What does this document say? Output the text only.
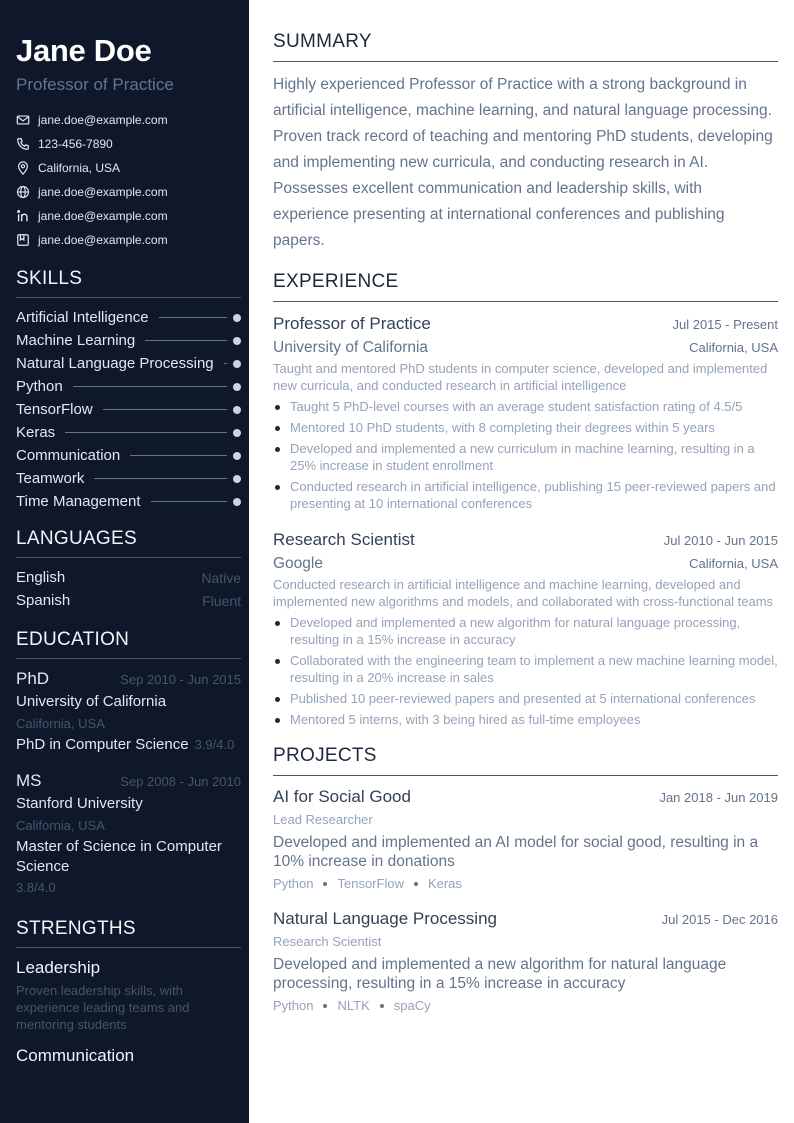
Jane Doe
Professor of Practice
jane.doe@example.com
123-456-7890
California, USA
jane.doe@example.com
jane.doe@example.com
jane.doe@example.com
SKILLS
Artificial Intelligence
Machine Learning
Natural Language Processing
Python
TensorFlow
Keras
Communication
Teamwork
Time Management
LANGUAGES
English	Native
Spanish	Fluent
EDUCATION
PhD	Sep 2010 - Jun 2015
University of California
California, USA
PhD in Computer Science 3.9/4.0
MS	Sep 2008 - Jun 2010
Stanford University
California, USA
Master of Science in Computer Science
3.8/4.0
STRENGTHS
Leadership
Proven leadership skills, with experience leading teams and mentoring students
Communication
SUMMARY

Highly experienced Professor of Practice with a strong background in artificial intelligence, machine learning, and natural language processing. Proven track record of teaching and mentoring PhD students, developing and implementing new curricula, and conducting research in AI. Possesses excellent communication and leadership skills, with experience presenting at international conferences and publishing papers.

EXPERIENCE
Professor of Practice	Jul 2015 - Present
University of California	California, USA
Taught and mentored PhD students in computer science, developed and implemented new curricula, and conducted research in artificial intelligence
Taught 5 PhD-level courses with an average student satisfaction rating of 4.5/5
Mentored 10 PhD students, with 8 completing their degrees within 5 years
Developed and implemented a new curriculum in machine learning, resulting in a 25% increase in student enrollment
Conducted research in artificial intelligence, publishing 15 peer-reviewed papers and presenting at 10 international conferences
Research Scientist	Jul 2010 - Jun 2015
Google	California, USA
Conducted research in artificial intelligence and machine learning, developed and implemented new algorithms and models, and collaborated with cross-functional teams
Developed and implemented a new algorithm for natural language processing, resulting in a 15% increase in accuracy
Collaborated with the engineering team to implement a new machine learning model, resulting in a 20% increase in sales
Published 10 peer-reviewed papers and presented at 5 international conferences
Mentored 5 interns, with 3 being hired as full-time employees
PROJECTS
AI for Social Good	Jan 2018 - Jun 2019
Lead Researcher
Developed and implemented an AI model for social good, resulting in a 10% increase in donations
Python TensorFlow Keras
Natural Language Processing	Jul 2015 - Dec 2016
Research Scientist
Developed and implemented a new algorithm for natural language processing, resulting in a 15% increase in accuracy
Python NLTK spaCy
